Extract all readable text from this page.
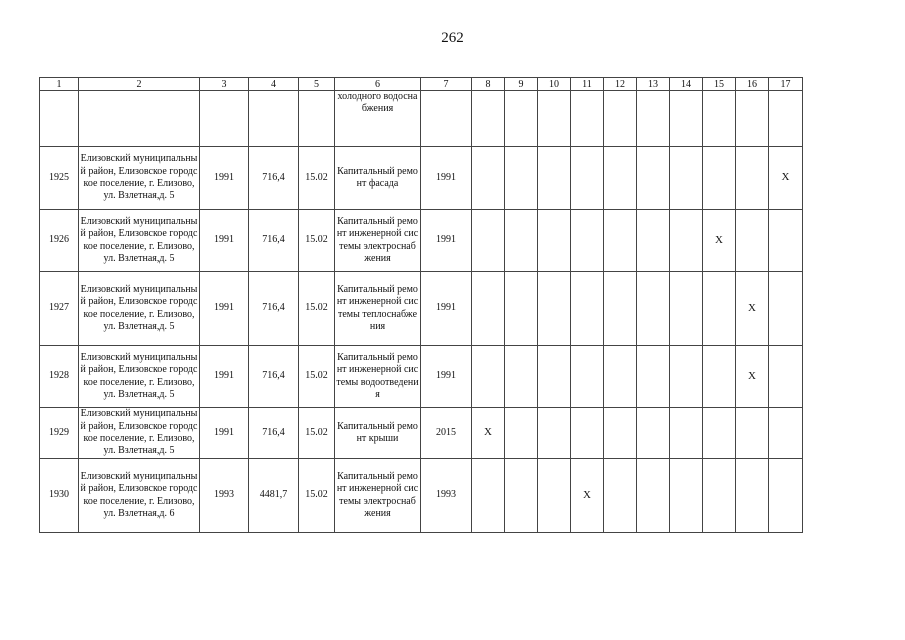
262
1	2	3	4	5	6	7	8	9	10	11	12	13	14	15	16	17
					холодного водоснабжения											
1925	Елизовский муниципальный район, Елизовское городское поселение, г. Елизово, ул. Взлетная,д. 5	1991	716,4	15.02	Капитальный ремонт фасада	1991										X
1926	Елизовский муниципальный район, Елизовское городское поселение, г. Елизово, ул. Взлетная,д. 5	1991	716,4	15.02	Капитальный ремонт инженерной системы электроснабжения	1991								X		
1927	Елизовский муниципальный район, Елизовское городское поселение, г. Елизово, ул. Взлетная,д. 5	1991	716,4	15.02	Капитальный ремонт инженерной системы теплоснабжения	1991									X	
1928	Елизовский муниципальный район, Елизовское городское поселение, г. Елизово, ул. Взлетная,д. 5	1991	716,4	15.02	Капитальный ремонт инженерной системы водоотведения	1991									X	
1929	Елизовский муниципальный район, Елизовское городское поселение, г. Елизово, ул. Взлетная,д. 5	1991	716,4	15.02	Капитальный ремонт крыши	2015	X									
1930	Елизовский муниципальный район, Елизовское городское поселение, г. Елизово, ул. Взлетная,д. 6	1993	4481,7	15.02	Капитальный ремонт инженерной системы электроснабжения	1993				X						
